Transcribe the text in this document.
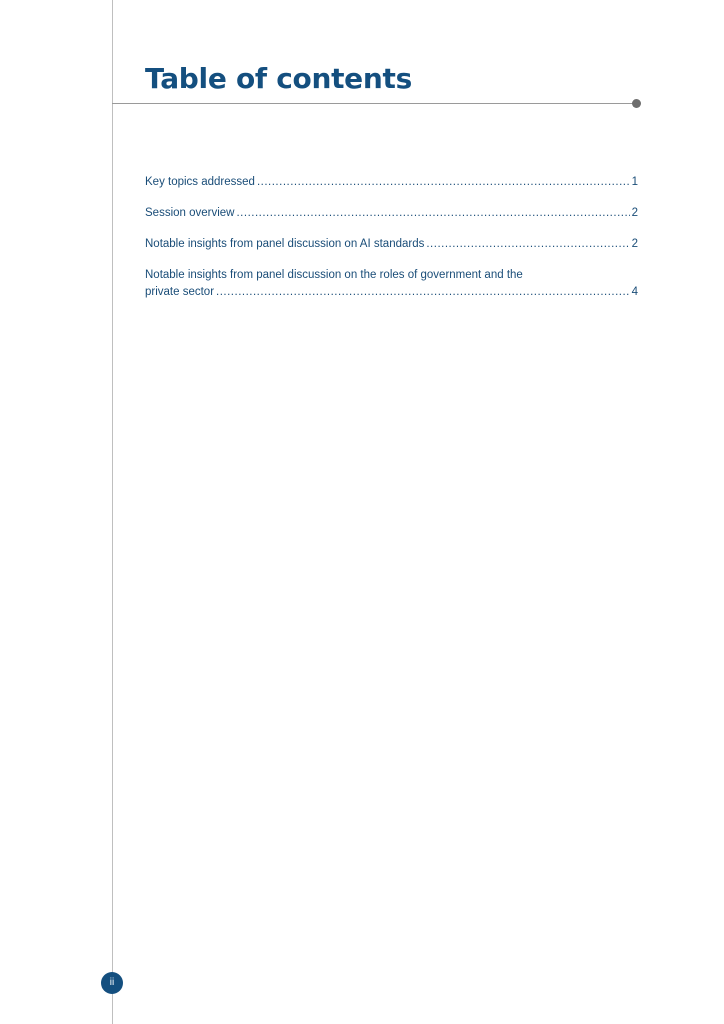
Table of contents
Key topics addressed .....	1
Session overview .....	2
Notable insights from panel discussion on AI standards .....	2
Notable insights from panel discussion on the roles of government and the
private sector .....	4
ii
